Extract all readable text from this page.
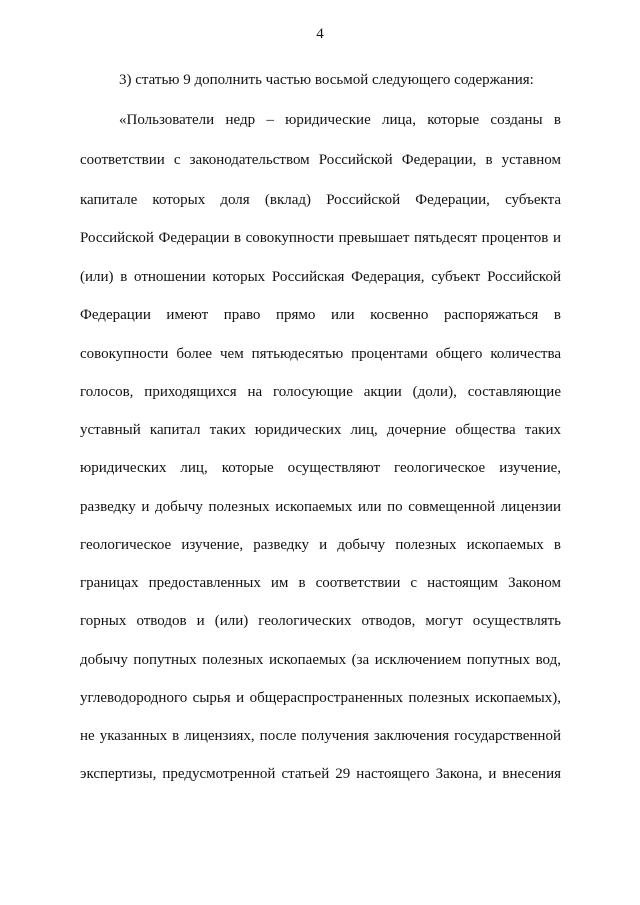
4
3) статью 9 дополнить частью восьмой следующего содержания:
«Пользователи недр – юридические лица, которые созданы в
соответствии с законодательством Российской Федерации, в уставном
капитале которых доля (вклад) Российской Федерации, субъекта
Российской Федерации в совокупности превышает пятьдесят процентов и
(или) в отношении которых Российская Федерация, субъект Российской
Федерации имеют право прямо или косвенно распоряжаться в
совокупности более чем пятьюдесятью процентами общего количества
голосов, приходящихся на голосующие акции (доли), составляющие
уставный капитал таких юридических лиц, дочерние общества таких
юридических лиц, которые осуществляют геологическое изучение,
разведку и добычу полезных ископаемых или по совмещенной лицензии
геологическое изучение, разведку и добычу полезных ископаемых в
границах предоставленных им в соответствии с настоящим Законом
горных отводов и (или) геологических отводов, могут осуществлять
добычу попутных полезных ископаемых (за исключением попутных вод,
углеводородного сырья и общераспространенных полезных ископаемых),
не указанных в лицензиях, после получения заключения государственной
экспертизы, предусмотренной статьей 29 настоящего Закона, и внесения
